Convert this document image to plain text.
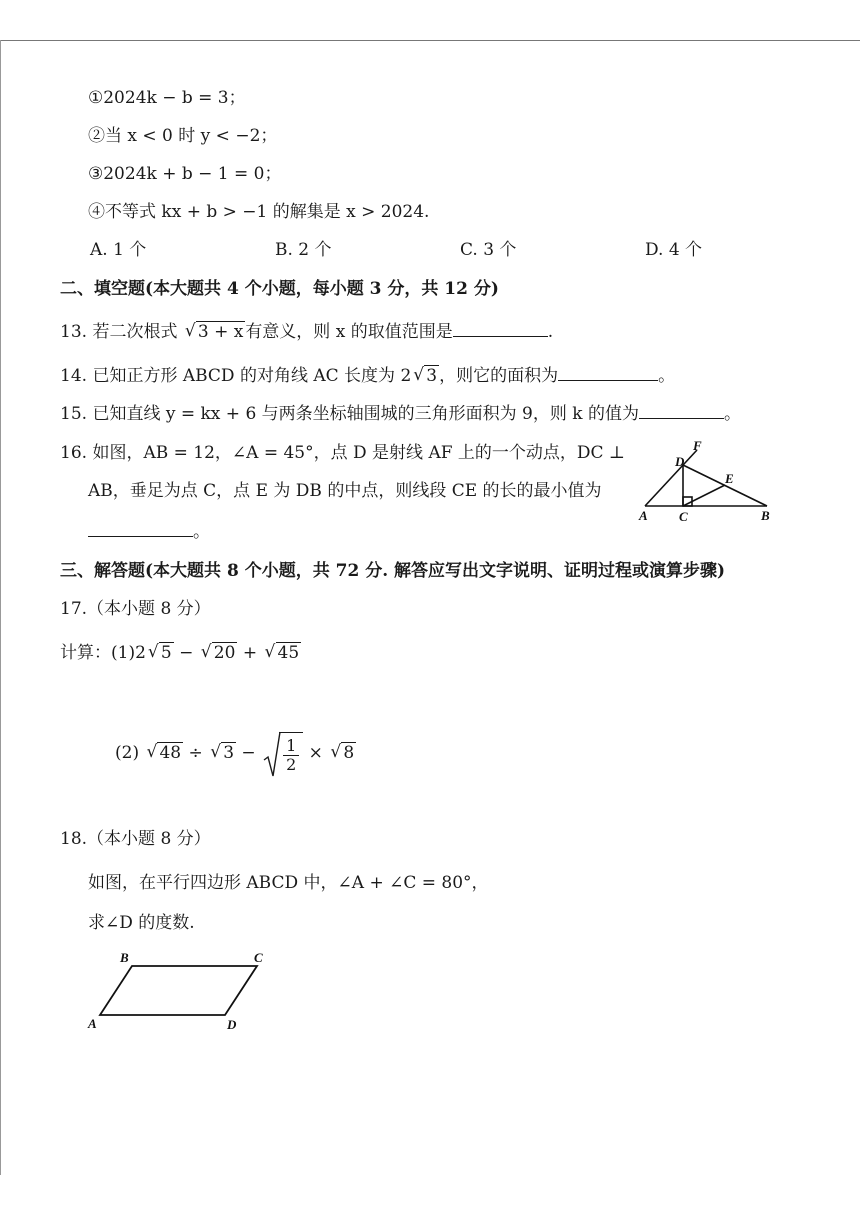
①2024k − b = 3；
②当 x < 0 时 y < −2；
③2024k + b − 1 = 0；
④不等式 kx + b > −1 的解集是 x > 2024.
A. 1 个	B. 2 个	C. 3 个	D. 4 个
二、填空题(本大题共 4 个小题，每小题 3 分，共 12 分)
13. 若二次根式 √ 3 + x 有意义，则 x 的取值范围是	.
14. 已知正方形 ABCD 的对角线 AC 长度为 2 √ 3 ，则它的面积为	。
15. 已知直线 y = kx + 6 与两条坐标轴围城的三角形面积为 9，则 k 的值为	。
16. 如图，AB = 12，∠A = 45°，点 D 是射线 AF 上的一个动点，DC ⊥
AB，垂足为点 C，点 E 为 DB 的中点，则线段 CE 的长的最小值为
。
F
D
E
A C	B
三、解答题(本大题共 8 个小题，共 72 分. 解答应写出文字说明、证明过程或演算步骤)
17.（本小题 8 分）
计算：(1)2 √ 5 − √ 20 + √ 45
(2) √ 48 ÷ √ $3 - \frac{1}{2}$ × √ 8
18.（本小题 8 分）
如图，在平行四边形 ABCD 中，∠A + ∠C = 80°，
求∠D 的度数.
B	C
A	D
